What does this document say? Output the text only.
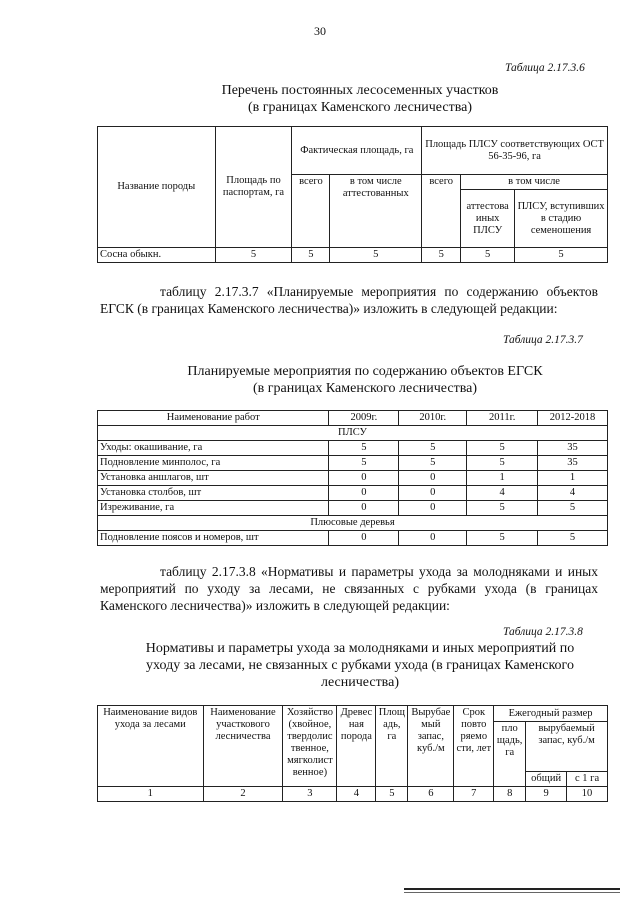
30
Таблица 2.17.3.6
Перечень постоянных лесосеменных участков
(в границах Каменского лесничества)
Название породы	Площадь по паспортам, га	Фактическая площадь, га		Площадь ПЛСУ соответствующих ОСТ 56-35-96, га		
		всего	в том числе аттестованных	всего	в том числе	
					аттестова иных ПЛСУ	ПЛСУ, вступивших в стадию семеношения
Сосна обыкн.	5	5	5	5	5	5
таблицу 2.17.3.7 «Планируемые мероприятия по содержанию объектов ЕГСК (в границах Каменского лесничества)» изложить в следующей редакции:
Таблица 2.17.3.7
Планируемые мероприятия по содержанию объектов ЕГСК
(в границах Каменского лесничества)
Наименование работ	2009г.	2010г.	2011г.	2012-2018
ПЛСУ				
Уходы: окашивание, га	5	5	5	35
Подновление минполос, га	5	5	5	35
Установка аншлагов, шт	0	0	1	1
Установка столбов, шт	0	0	4	4
Изреживание, га	0	0	5	5
Плюсовые деревья				
Подновление поясов и номеров, шт	0	0	5	5
таблицу 2.17.3.8 «Нормативы и параметры ухода за молодняками и иных мероприятий по уходу за лесами, не связанных с рубками ухода (в границах Каменского лесничества)» изложить в следующей редакции:
Таблица 2.17.3.8
Нормативы и параметры ухода за молодняками и иных мероприятий по
уходу за лесами, не связанных с рубками ухода (в границах Каменского
лесничества)
Наименование видов ухода за лесами	Наименование участкового лесничества	Хозяйство (хвойное, твердолис твенное, мягколист венное)	Древес ная порода	Площ адь, га	Вырубае мый запас, куб./м	Срок повто ряемо сти, лет	Ежегодный размер		
							пло щадь, га	вырубаемый запас, куб./м	
								общий	с 1 га
1	2	3	4	5	6	7	8	9	10
